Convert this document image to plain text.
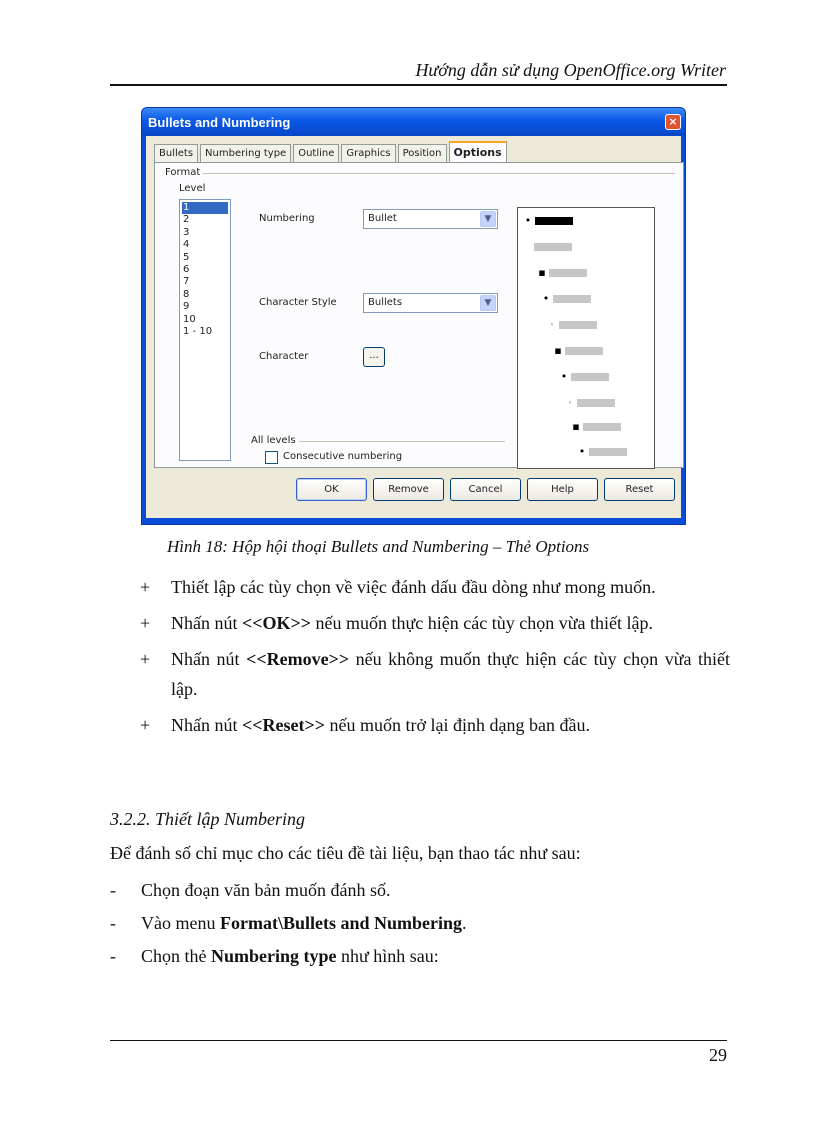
Hướng dẫn sử dụng OpenOffice.org Writer
Bullets and Numbering	×
Bullets	Numbering type	Outline	Graphics	Position	Options
Format
Level
1
2
3
4
5
6
7
8
9
10
1 - 10
Numbering	Bullet	▼
Character Style	Bullets	▼
Character	...
All levels
Consecutive numbering
•
▪
•
◦
▪
•
◦
▪
•
OK	Remove	Cancel	Help	Reset
Hình 18: Hộp hội thoại Bullets and Numbering – Thẻ Options
+ Thiết lập các tùy chọn về việc đánh dấu đầu dòng như mong muốn.
+ Nhấn nút <<OK>> nếu muốn thực hiện các tùy chọn vừa thiết lập.
+ Nhấn nút <<Remove>> nếu không muốn thực hiện các tùy chọn vừa thiết lập.
+ Nhấn nút <<Reset>> nếu muốn trở lại định dạng ban đầu.
3.2.2. Thiết lập Numbering
Để đánh số chỉ mục cho các tiêu đề tài liệu, bạn thao tác như sau:
- Chọn đoạn văn bản muốn đánh số.
- Vào menu Format\Bullets and Numbering.
- Chọn thẻ Numbering type như hình sau:
29
